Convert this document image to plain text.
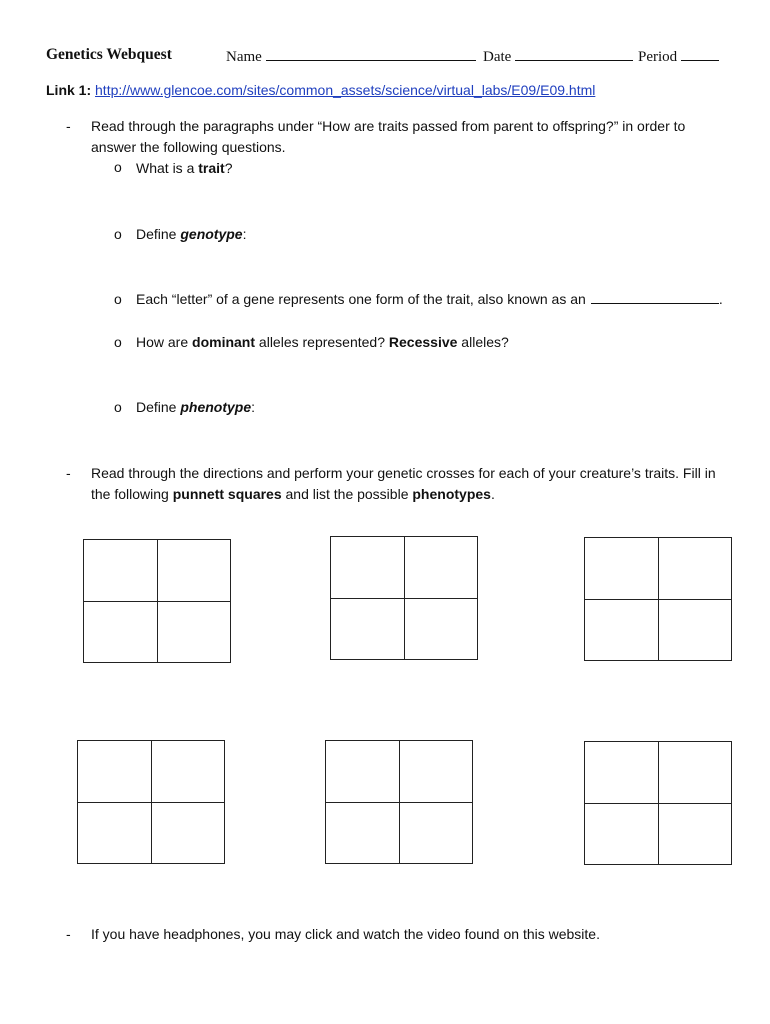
Genetics Webquest	Name	Date	Period
Link 1: http://www.glencoe.com/sites/common_assets/science/virtual_labs/E09/E09.html
- Read through the paragraphs under “How are traits passed from parent to offspring?” in order to
answer the following questions.
o What is a trait?
o Define genotype:
o Each “letter” of a gene represents one form of the trait, also known as an	.
o How are dominant alleles represented? Recessive alleles?
o Define phenotype:
- Read through the directions and perform your genetic crosses for each of your creature’s traits. Fill in
the following punnett squares and list the possible phenotypes.
- If you have headphones, you may click and watch the video found on this website.
